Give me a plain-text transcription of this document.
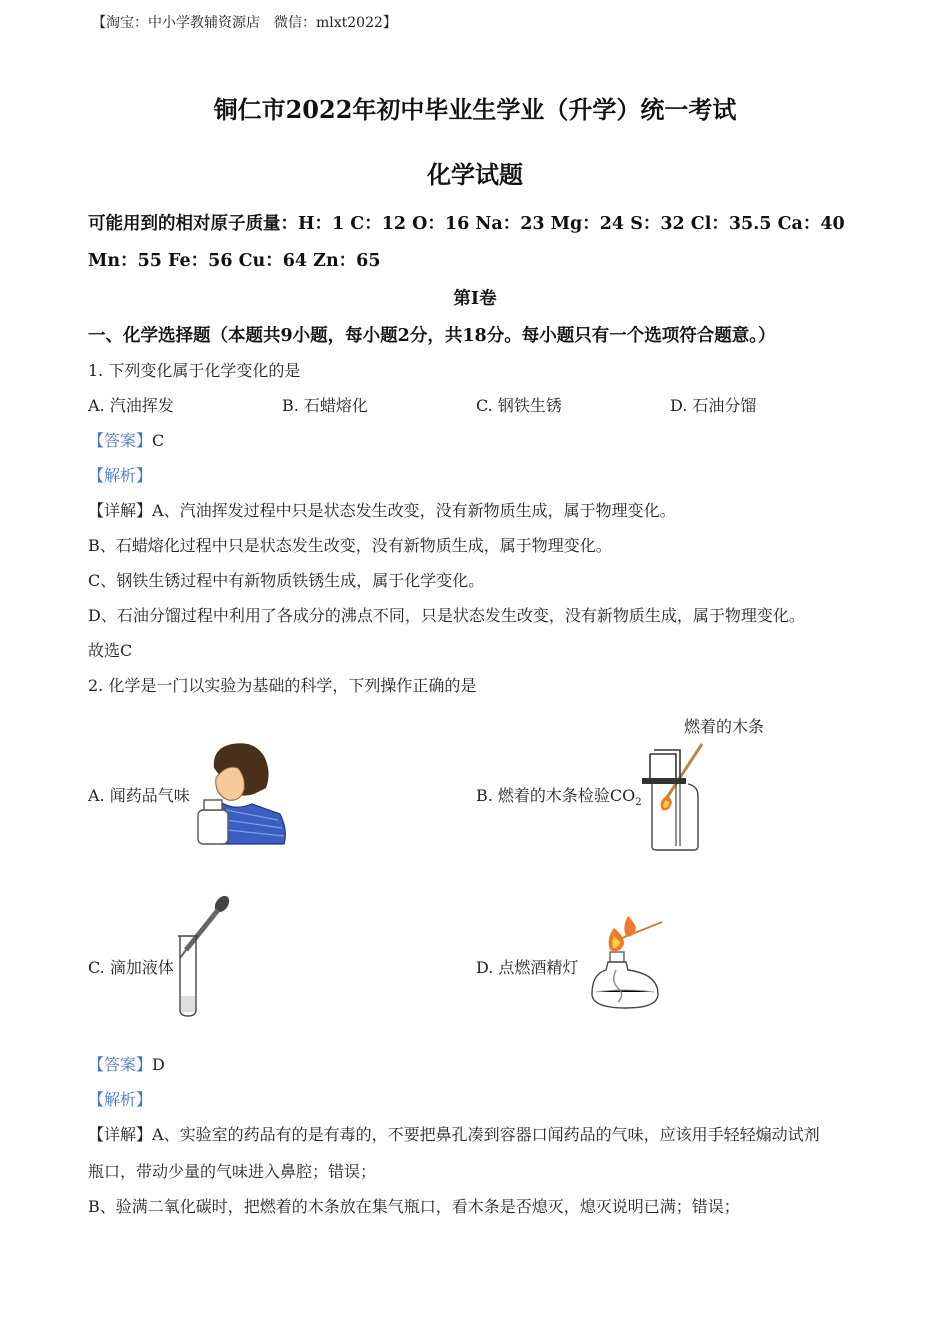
【淘宝：中小学教辅资源店　微信：mlxt2022】
铜仁市2022年初中毕业生学业（升学）统一考试
化学试题
可能用到的相对原子质量：H：1 C：12 O：16 Na：23 Mg：24 S：32 Cl：35.5 Ca：40
Mn：55 Fe：56 Cu：64 Zn：65
第Ⅰ卷
一、化学选择题（本题共9小题，每小题2分，共18分。每小题只有一个选项符合题意。）
1. 下列变化属于化学变化的是
A. 汽油挥发	B. 石蜡熔化	C. 钢铁生锈	D. 石油分馏
【答案】C
【解析】
【详解】A、汽油挥发过程中只是状态发生改变，没有新物质生成，属于物理变化。
B、石蜡熔化过程中只是状态发生改变，没有新物质生成，属于物理变化。
C、钢铁生锈过程中有新物质铁锈生成，属于化学变化。
D、石油分馏过程中利用了各成分的沸点不同，只是状态发生改变，没有新物质生成，属于物理变化。
故选C
2. 化学是一门以实验为基础的科学，下列操作正确的是
A. 闻药品气味	B. 燃着的木条检验$CO_2$
燃着的木条
C. 滴加液体	D. 点燃酒精灯
【答案】D
【解析】
【详解】A、实验室的药品有的是有毒的，不要把鼻孔凑到容器口闻药品的气味，应该用手轻轻煽动试剂
瓶口，带动少量的气味进入鼻腔；错误；
B、验满二氧化碳时，把燃着的木条放在集气瓶口，看木条是否熄灭，熄灭说明已满；错误；
